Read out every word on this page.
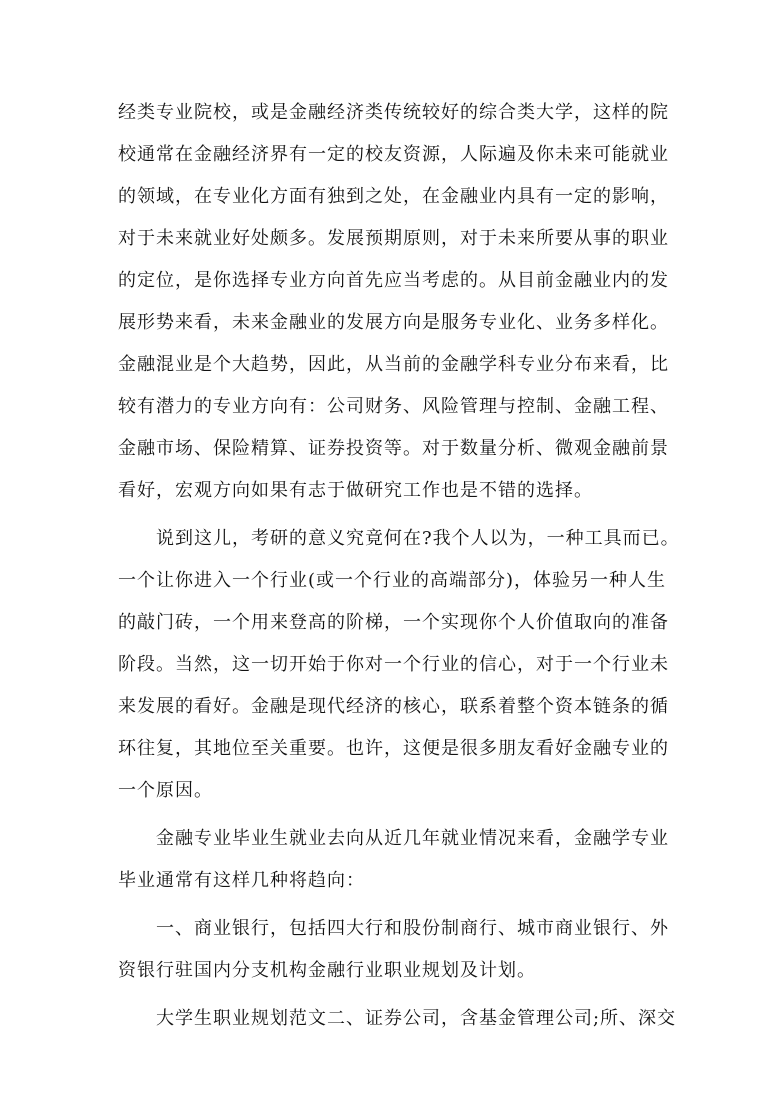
经类专业院校，或是金融经济类传统较好的综合类大学，这样的院
校通常在金融经济界有一定的校友资源，人际遍及你未来可能就业
的领域，在专业化方面有独到之处，在金融业内具有一定的影响，
对于未来就业好处颇多。发展预期原则，对于未来所要从事的职业
的定位，是你选择专业方向首先应当考虑的。从目前金融业内的发
展形势来看，未来金融业的发展方向是服务专业化、业务多样化。
金融混业是个大趋势，因此，从当前的金融学科专业分布来看，比
较有潜力的专业方向有：公司财务、风险管理与控制、金融工程、
金融市场、保险精算、证券投资等。对于数量分析、微观金融前景
看好，宏观方向如果有志于做研究工作也是不错的选择。
说到这儿，考研的意义究竟何在?我个人以为，一种工具而已。
一个让你进入一个行业(或一个行业的高端部分)，体验另一种人生
的敲门砖，一个用来登高的阶梯，一个实现你个人价值取向的准备
阶段。当然，这一切开始于你对一个行业的信心，对于一个行业未
来发展的看好。金融是现代经济的核心，联系着整个资本链条的循
环往复，其地位至关重要。也许，这便是很多朋友看好金融专业的
一个原因。
金融专业毕业生就业去向从近几年就业情况来看，金融学专业
毕业通常有这样几种将趋向：
一、商业银行，包括四大行和股份制商行、城市商业银行、外
资银行驻国内分支机构金融行业职业规划及计划。
大学生职业规划范文二、证券公司，含基金管理公司;所、深交
